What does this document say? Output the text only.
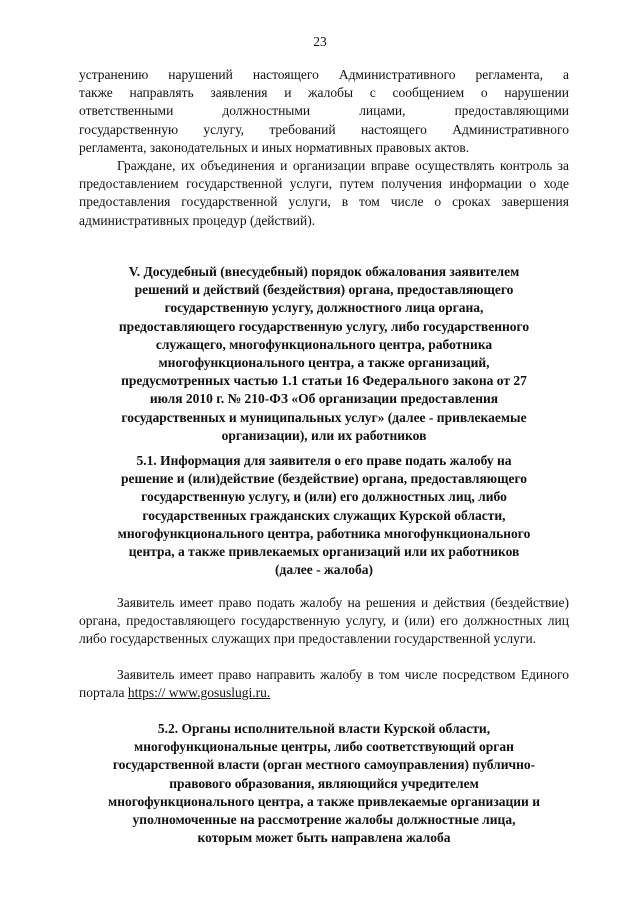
23
устранению нарушений настоящего Административного регламента, а
также направлять заявления и жалобы с сообщением о нарушении
ответственными должностными лицами, предоставляющими
государственную услугу, требований настоящего Административного
регламента, законодательных и иных нормативных правовых актов.

Граждане, их объединения и организации вправе осуществлять контроль за предоставлением государственной услуги, путем получения информации о ходе предоставления государственной услуги, в том числе о сроках завершения административных процедур (действий).

V. Досудебный (внесудебный) порядок обжалования заявителем
решений и действий (бездействия) органа, предоставляющего
государственную услугу, должностного лица органа,
предоставляющего государственную услугу, либо государственного
служащего, многофункционального центра, работника
многофункционального центра, а также организаций,
предусмотренных частью 1.1 статьи 16 Федерального закона от 27
июля 2010 г. № 210-ФЗ «Об организации предоставления
государственных и муниципальных услуг» (далее - привлекаемые
организации), или их работников
5.1. Информация для заявителя о его праве подать жалобу на
решение и (или)действие (бездействие) органа, предоставляющего
государственную услугу, и (или) его должностных лиц, либо
государственных гражданских служащих Курской области,
многофункционального центра, работника многофункционального
центра, а также привлекаемых организаций или их работников
(далее - жалоба)

Заявитель имеет право подать жалобу на решения и действия (бездействие) органа, предоставляющего государственную услугу, и (или) его должностных лиц либо государственных служащих при предоставлении государственной услуги.

Заявитель имеет право направить жалобу в том числе посредством Единого портала https:// www.gosuslugi.ru.

5.2. Органы исполнительной власти Курской области,
многофункциональные центры, либо соответствующий орган
государственной власти (орган местного самоуправления) публично-
правового образования, являющийся учредителем
многофункционального центра, а также привлекаемые организации и
уполномоченные на рассмотрение жалобы должностные лица,
которым может быть направлена жалоба
